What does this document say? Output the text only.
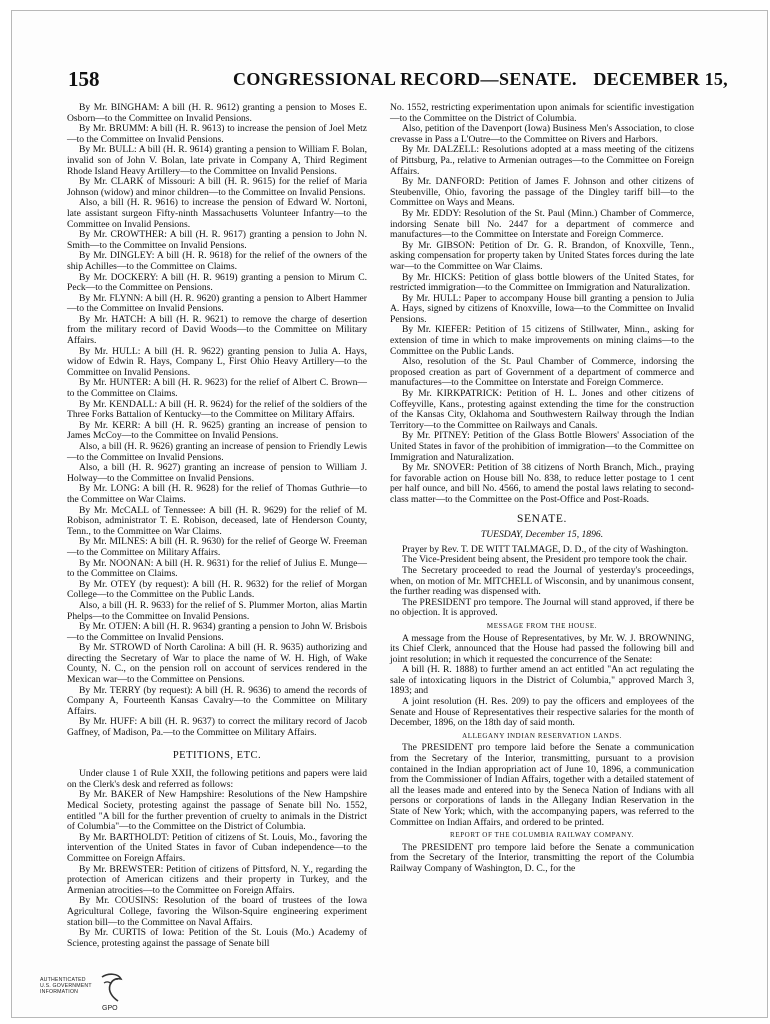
158	CONGRESSIONAL RECORD—SENATE. DECEMBER 15,

By Mr. BINGHAM: A bill (H. R. 9612) granting a pension to Moses E. Osborn—to the Committee on Invalid Pensions.

By Mr. BRUMM: A bill (H. R. 9613) to increase the pension of Joel Metz—to the Committee on Invalid Pensions.

By Mr. BULL: A bill (H. R. 9614) granting a pension to William F. Bolan, invalid son of John V. Bolan, late private in Company A, Third Regiment Rhode Island Heavy Artillery—to the Committee on Invalid Pensions.

By Mr. CLARK of Missouri: A bill (H. R. 9615) for the relief of Maria Johnson (widow) and minor children—to the Committee on Invalid Pensions.

Also, a bill (H. R. 9616) to increase the pension of Edward W. Nortoni, late assistant surgeon Fifty-ninth Massachusetts Volunteer Infantry—to the Committee on Invalid Pensions.

By Mr. CROWTHER: A bill (H. R. 9617) granting a pension to John N. Smith—to the Committee on Invalid Pensions.

By Mr. DINGLEY: A bill (H. R. 9618) for the relief of the owners of the ship Achilles—to the Committee on Claims.

By Mr. DOCKERY: A bill (H. R. 9619) granting a pension to Mirum C. Peck—to the Committee on Pensions.

By Mr. FLYNN: A bill (H. R. 9620) granting a pension to Albert Hammer—to the Committee on Invalid Pensions.

By Mr. HATCH: A bill (H. R. 9621) to remove the charge of desertion from the military record of David Woods—to the Committee on Military Affairs.

By Mr. HULL: A bill (H. R. 9622) granting pension to Julia A. Hays, widow of Edwin R. Hays, Company L, First Ohio Heavy Artillery—to the Committee on Invalid Pensions.

By Mr. HUNTER: A bill (H. R. 9623) for the relief of Albert C. Brown—to the Committee on Claims.

By Mr. KENDALL: A bill (H. R. 9624) for the relief of the soldiers of the Three Forks Battalion of Kentucky—to the Committee on Military Affairs.

By Mr. KERR: A bill (H. R. 9625) granting an increase of pension to James McCoy—to the Committee on Invalid Pensions.

Also, a bill (H. R. 9626) granting an increase of pension to Friendly Lewis—to the Committee on Invalid Pensions.

Also, a bill (H. R. 9627) granting an increase of pension to William J. Holway—to the Committee on Invalid Pensions.

By Mr. LONG: A bill (H. R. 9628) for the relief of Thomas Guthrie—to the Committee on War Claims.

By Mr. McCALL of Tennessee: A bill (H. R. 9629) for the relief of M. Robison, administrator T. E. Robison, deceased, late of Henderson County, Tenn., to the Committee on War Claims.

By Mr. MILNES: A bill (H. R. 9630) for the relief of George W. Freeman—to the Committee on Military Affairs.

By Mr. NOONAN: A bill (H. R. 9631) for the relief of Julius E. Munge—to the Committee on Claims.

By Mr. OTEY (by request): A bill (H. R. 9632) for the relief of Morgan College—to the Committee on the Public Lands.

Also, a bill (H. R. 9633) for the relief of S. Plummer Morton, alias Martin Phelps—to the Committee on Invalid Pensions.

By Mr. OTJEN: A bill (H. R. 9634) granting a pension to John W. Brisbois—to the Committee on Invalid Pensions.

By Mr. STROWD of North Carolina: A bill (H. R. 9635) authorizing and directing the Secretary of War to place the name of W. H. High, of Wake County, N. C., on the pension roll on account of services rendered in the Mexican war—to the Committee on Pensions.

By Mr. TERRY (by request): A bill (H. R. 9636) to amend the records of Company A, Fourteenth Kansas Cavalry—to the Committee on Military Affairs.

By Mr. HUFF: A bill (H. R. 9637) to correct the military record of Jacob Gaffney, of Madison, Pa.—to the Committee on Military Affairs.

PETITIONS, ETC.

Under clause 1 of Rule XXII, the following petitions and papers were laid on the Clerk's desk and referred as follows:

By Mr. BAKER of New Hampshire: Resolutions of the New Hampshire Medical Society, protesting against the passage of Senate bill No. 1552, entitled "A bill for the further prevention of cruelty to animals in the District of Columbia"—to the Committee on the District of Columbia.

By Mr. BARTHOLDT: Petition of citizens of St. Louis, Mo., favoring the intervention of the United States in favor of Cuban independence—to the Committee on Foreign Affairs.

By Mr. BREWSTER: Petition of citizens of Pittsford, N. Y., regarding the protection of American citizens and their property in Turkey, and the Armenian atrocities—to the Committee on Foreign Affairs.

By Mr. COUSINS: Resolution of the board of trustees of the Iowa Agricultural College, favoring the Wilson-Squire engineering experiment station bill—to the Committee on Naval Affairs.

By Mr. CURTIS of Iowa: Petition of the St. Louis (Mo.) Academy of Science, protesting against the passage of Senate bill

No. 1552, restricting experimentation upon animals for scientific investigation—to the Committee on the District of Columbia.

Also, petition of the Davenport (Iowa) Business Men's Association, to close crevasse in Pass a L'Outre—to the Committee on Rivers and Harbors.

By Mr. DALZELL: Resolutions adopted at a mass meeting of the citizens of Pittsburg, Pa., relative to Armenian outrages—to the Committee on Foreign Affairs.

By Mr. DANFORD: Petition of James F. Johnson and other citizens of Steubenville, Ohio, favoring the passage of the Dingley tariff bill—to the Committee on Ways and Means.

By Mr. EDDY: Resolution of the St. Paul (Minn.) Chamber of Commerce, indorsing Senate bill No. 2447 for a department of commerce and manufactures—to the Committee on Interstate and Foreign Commerce.

By Mr. GIBSON: Petition of Dr. G. R. Brandon, of Knoxville, Tenn., asking compensation for property taken by United States forces during the late war—to the Committee on War Claims.

By Mr. HICKS: Petition of glass bottle blowers of the United States, for restricted immigration—to the Committee on Immigration and Naturalization.

By Mr. HULL: Paper to accompany House bill granting a pension to Julia A. Hays, signed by citizens of Knoxville, Iowa—to the Committee on Invalid Pensions.

By Mr. KIEFER: Petition of 15 citizens of Stillwater, Minn., asking for extension of time in which to make improvements on mining claims—to the Committee on the Public Lands.

Also, resolution of the St. Paul Chamber of Commerce, indorsing the proposed creation as part of Government of a department of commerce and manufactures—to the Committee on Interstate and Foreign Commerce.

By Mr. KIRKPATRICK: Petition of H. L. Jones and other citizens of Coffeyville, Kans., protesting against extending the time for the construction of the Kansas City, Oklahoma and Southwestern Railway through the Indian Territory—to the Committee on Railways and Canals.

By Mr. PITNEY: Petition of the Glass Bottle Blowers' Association of the United States in favor of the prohibition of immigration—to the Committee on Immigration and Naturalization.

By Mr. SNOVER: Petition of 38 citizens of North Branch, Mich., praying for favorable action on House bill No. 838, to reduce letter postage to 1 cent per half ounce, and bill No. 4566, to amend the postal laws relating to second-class matter—to the Committee on the Post-Office and Post-Roads.

SENATE.

TUESDAY, December 15, 1896.

Prayer by Rev. T. DE WITT TALMAGE, D. D., of the city of Washington.

The Vice-President being absent, the President pro tempore took the chair.

The Secretary proceeded to read the Journal of yesterday's proceedings, when, on motion of Mr. MITCHELL of Wisconsin, and by unanimous consent, the further reading was dispensed with.

The PRESIDENT pro tempore. The Journal will stand approved, if there be no objection. It is approved.

MESSAGE FROM THE HOUSE.

A message from the House of Representatives, by Mr. W. J. BROWNING, its Chief Clerk, announced that the House had passed the following bill and joint resolution; in which it requested the concurrence of the Senate:

A bill (H. R. 1888) to further amend an act entitled "An act regulating the sale of intoxicating liquors in the District of Columbia," approved March 3, 1893; and

A joint resolution (H. Res. 209) to pay the officers and employees of the Senate and House of Representatives their respective salaries for the month of December, 1896, on the 18th day of said month.

ALLEGANY INDIAN RESERVATION LANDS.

The PRESIDENT pro tempore laid before the Senate a communication from the Secretary of the Interior, transmitting, pursuant to a provision contained in the Indian appropriation act of June 10, 1896, a communication from the Commissioner of Indian Affairs, together with a detailed statement of all the leases made and entered into by the Seneca Nation of Indians with all persons or corporations of lands in the Allegany Indian Reservation in the State of New York; which, with the accompanying papers, was referred to the Committee on Indian Affairs, and ordered to be printed.

REPORT OF THE COLUMBIA RAILWAY COMPANY.

The PRESIDENT pro tempore laid before the Senate a communication from the Secretary of the Interior, transmitting the report of the Columbia Railway Company of Washington, D. C., for the

AUTHENTICATED
U.S. GOVERNMENT
INFORMATION
GPO
